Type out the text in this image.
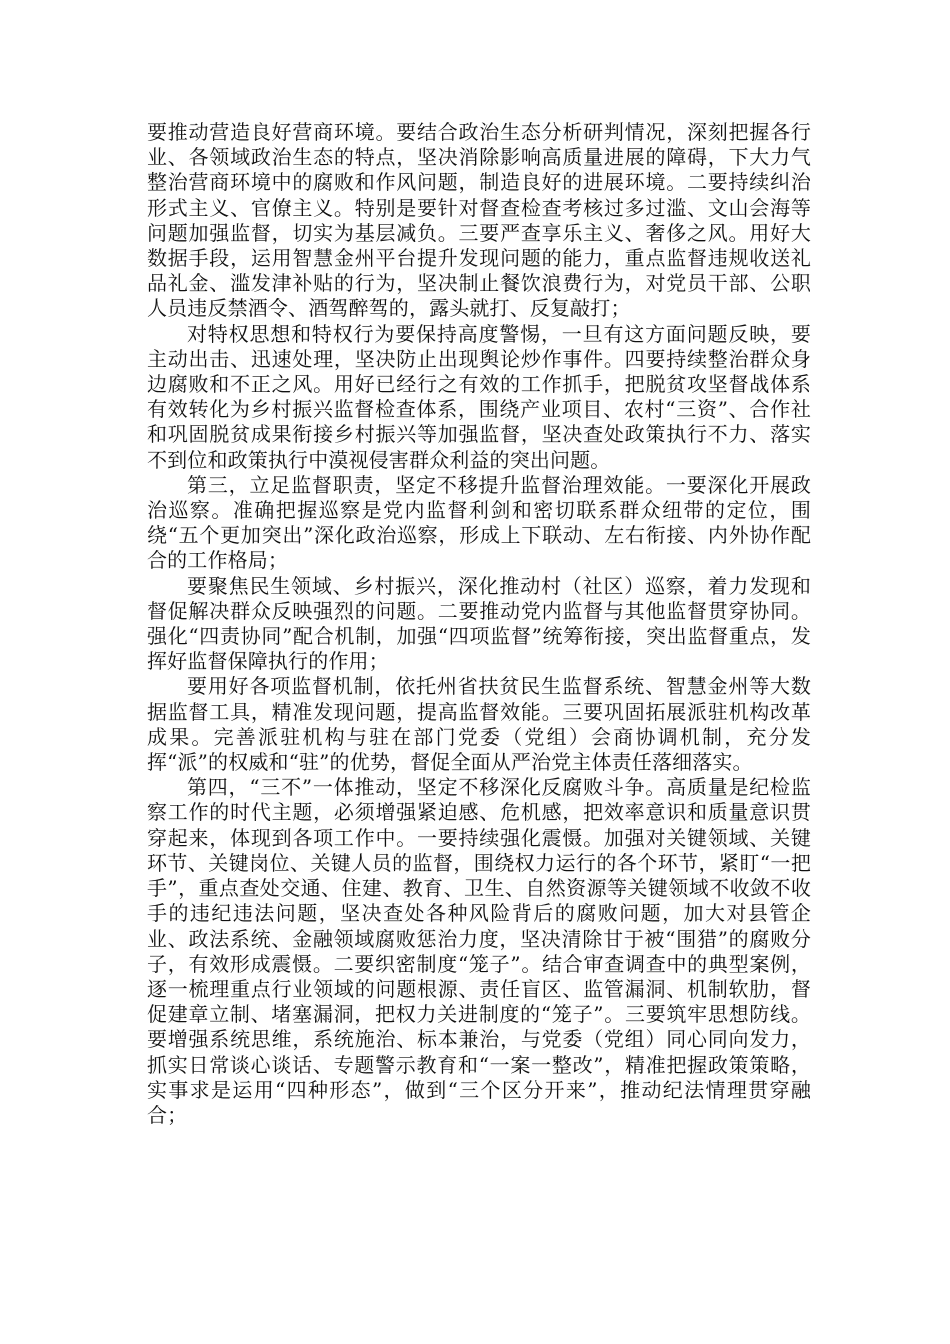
要推动营造良好营商环境。要结合政治生态分析研判情况，深刻把握各行业、各领域政治生态的特点，坚决消除影响高质量进展的障碍，下大力气整治营商环境中的腐败和作风问题，制造良好的进展环境。二要持续纠治形式主义、官僚主义。特别是要针对督查检查考核过多过滥、文山会海等问题加强监督，切实为基层减负。三要严查享乐主义、奢侈之风。用好大数据手段，运用智慧金州平台提升发现问题的能力，重点监督违规收送礼品礼金、滥发津补贴的行为，坚决制止餐饮浪费行为，对党员干部、公职人员违反禁酒令、酒驾醉驾的，露头就打、反复敲打；

对特权思想和特权行为要保持高度警惕，一旦有这方面问题反映，要主动出击、迅速处理，坚决防止出现舆论炒作事件。四要持续整治群众身边腐败和不正之风。用好已经行之有效的工作抓手，把脱贫攻坚督战体系有效转化为乡村振兴监督检查体系，围绕产业项目、农村“三资”、合作社和巩固脱贫成果衔接乡村振兴等加强监督，坚决查处政策执行不力、落实不到位和政策执行中漠视侵害群众利益的突出问题。

第三，立足监督职责，坚定不移提升监督治理效能。一要深化开展政治巡察。准确把握巡察是党内监督利剑和密切联系群众纽带的定位，围绕“五个更加突出”深化政治巡察，形成上下联动、左右衔接、内外协作配合的工作格局；

要聚焦民生领域、乡村振兴，深化推动村（社区）巡察，着力发现和督促解决群众反映强烈的问题。二要推动党内监督与其他监督贯穿协同。强化“四责协同”配合机制，加强“四项监督”统筹衔接，突出监督重点，发挥好监督保障执行的作用；

要用好各项监督机制，依托州省扶贫民生监督系统、智慧金州等大数据监督工具，精准发现问题，提高监督效能。三要巩固拓展派驻机构改革成果。完善派驻机构与驻在部门党委（党组）会商协调机制，充分发挥“派”的权威和“驻”的优势，督促全面从严治党主体责任落细落实。

第四，“三不”一体推动，坚定不移深化反腐败斗争。高质量是纪检监察工作的时代主题，必须增强紧迫感、危机感，把效率意识和质量意识贯穿起来，体现到各项工作中。一要持续强化震慑。加强对关键领域、关键环节、关键岗位、关键人员的监督，围绕权力运行的各个环节，紧盯“一把手”，重点查处交通、住建、教育、卫生、自然资源等关键领域不收敛不收手的违纪违法问题，坚决查处各种风险背后的腐败问题，加大对县管企业、政法系统、金融领域腐败惩治力度，坚决清除甘于被“围猎”的腐败分子，有效形成震慑。二要织密制度“笼子”。结合审查调查中的典型案例，逐一梳理重点行业领域的问题根源、责任盲区、监管漏洞、机制软肋，督促建章立制、堵塞漏洞，把权力关进制度的“笼子”。三要筑牢思想防线。要增强系统思维，系统施治、标本兼治，与党委（党组）同心同向发力，抓实日常谈心谈话、专题警示教育和“一案一整改”，精准把握政策策略，实事求是运用“四种形态”，做到“三个区分开来”，推动纪法情理贯穿融合；
